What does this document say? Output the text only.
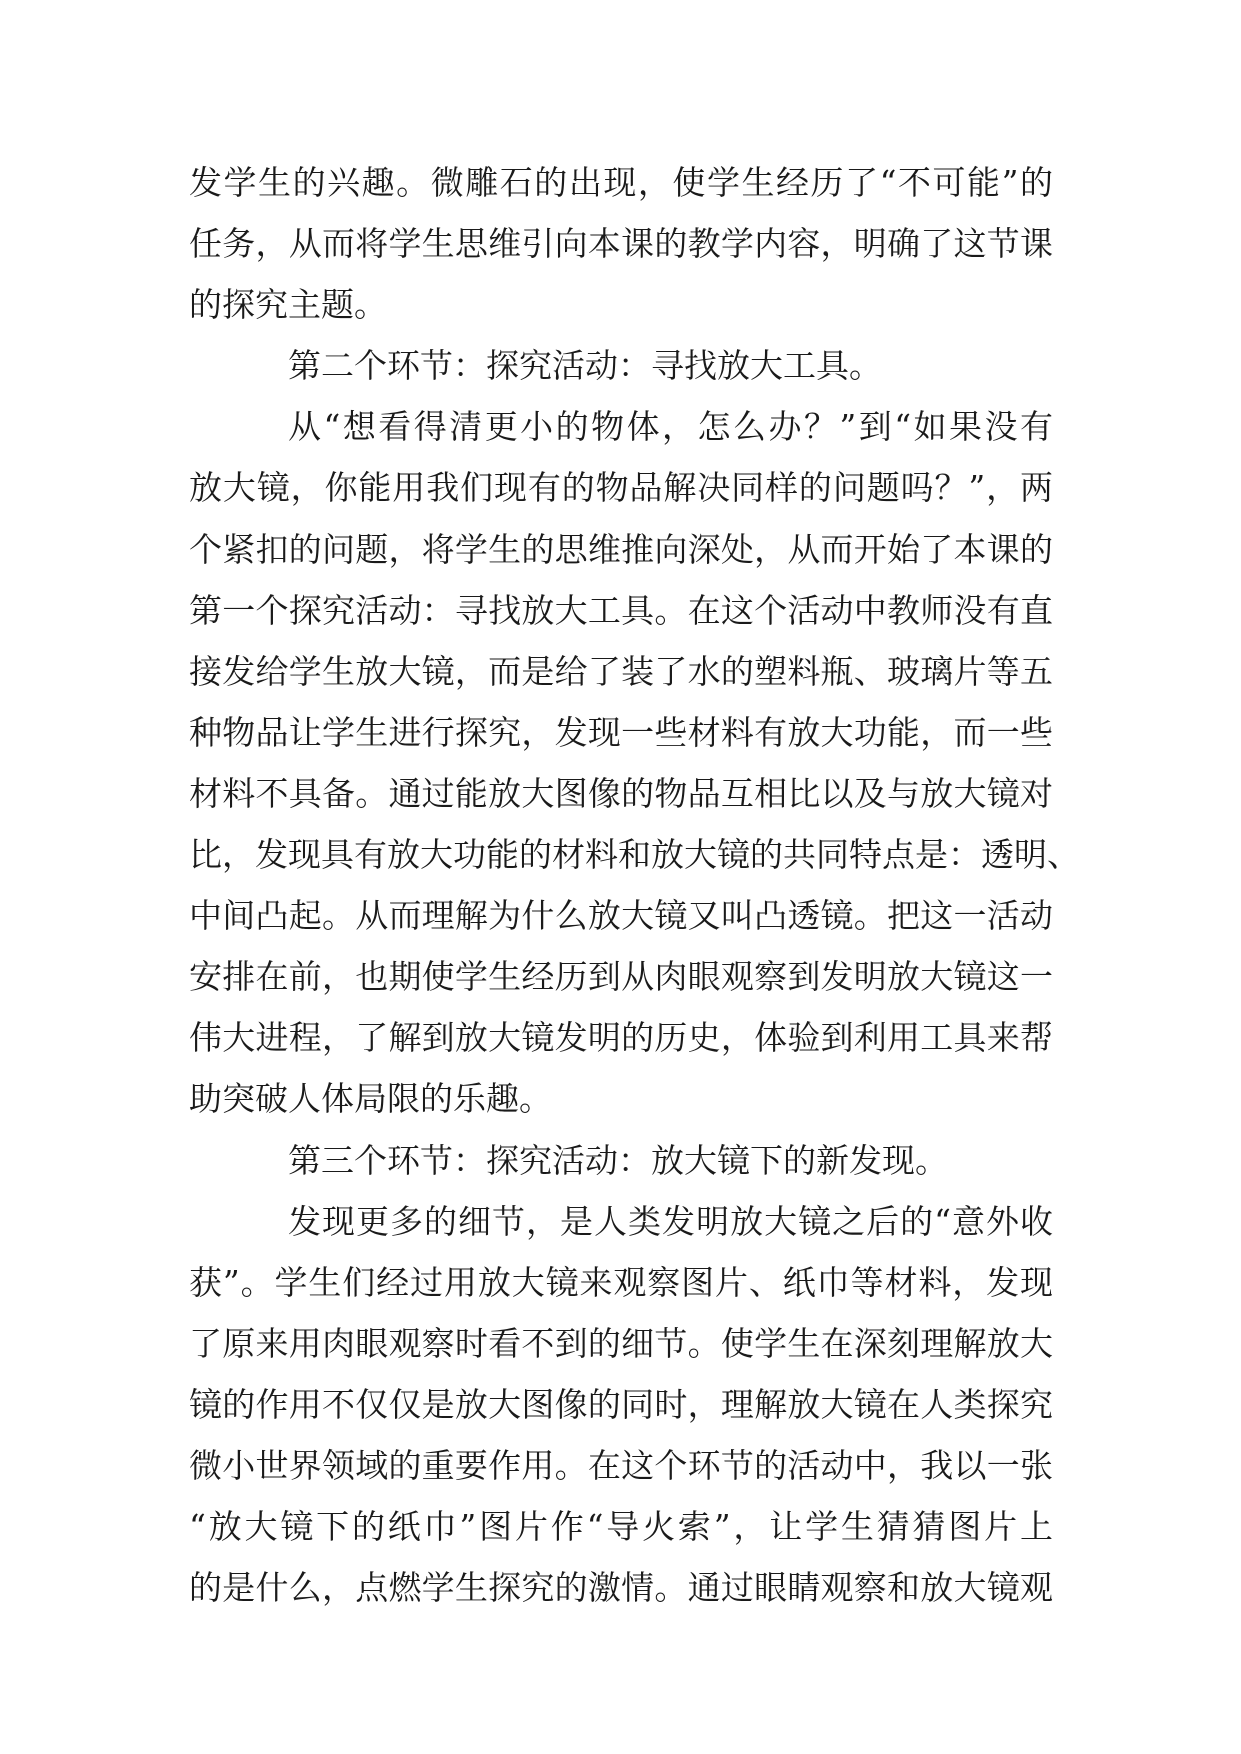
发学生的兴趣。微雕石的出现，使学生经历了“不可能”的
任务，从而将学生思维引向本课的教学内容，明确了这节课
的探究主题。
第二个环节：探究活动：寻找放大工具。
从“想看得清更小的物体，怎么办？”到“如果没有
放大镜，你能用我们现有的物品解决同样的问题吗？”，两
个紧扣的问题，将学生的思维推向深处，从而开始了本课的
第一个探究活动：寻找放大工具。在这个活动中教师没有直
接发给学生放大镜，而是给了装了水的塑料瓶、玻璃片等五
种物品让学生进行探究，发现一些材料有放大功能，而一些
材料不具备。通过能放大图像的物品互相比以及与放大镜对
比，发现具有放大功能的材料和放大镜的共同特点是：透明、
中间凸起。从而理解为什么放大镜又叫凸透镜。把这一活动
安排在前，也期使学生经历到从肉眼观察到发明放大镜这一
伟大进程，了解到放大镜发明的历史，体验到利用工具来帮
助突破人体局限的乐趣。
第三个环节：探究活动：放大镜下的新发现。
发现更多的细节，是人类发明放大镜之后的“意外收
获”。学生们经过用放大镜来观察图片、纸巾等材料，发现
了原来用肉眼观察时看不到的细节。使学生在深刻理解放大
镜的作用不仅仅是放大图像的同时，理解放大镜在人类探究
微小世界领域的重要作用。在这个环节的活动中，我以一张
“放大镜下的纸巾”图片作“导火索”，让学生猜猜图片上
的是什么，点燃学生探究的激情。通过眼睛观察和放大镜观
